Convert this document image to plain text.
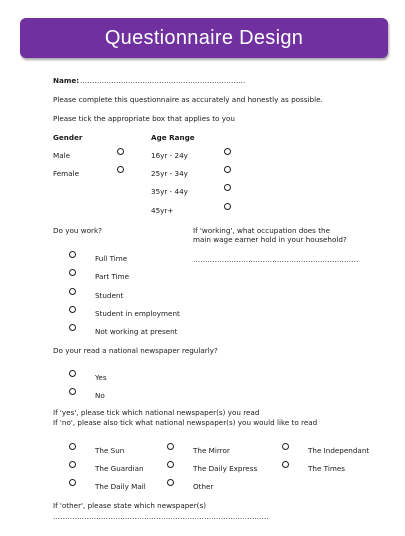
Questionnaire Design
Name: ……………………………………………………………
Please complete this questionnaire as accurately and honestly as possible.
Please tick the appropriate box that applies to you
Gender
Male
Female
Age Range
16yr - 24y
25yr - 34y
35yr - 44y
45yr+
Do you work?	If 'working', what occupation does the
main wage earner hold in your household?
……………………………………………………………
Full Time
Part Time
Student
Student in employment
Not working at present
Do your read a national newspaper regularly?
Yes
No
If 'yes', please tick which national newspaper(s) you read
If 'no', please also tick what national newspaper(s) you would like to read
The Sun
The Guardian
The Daily Mail
The Mirror
The Daily Express
Other
The Independant
The Times
If 'other', please state which newspaper(s)
………………………………………………………………………………
